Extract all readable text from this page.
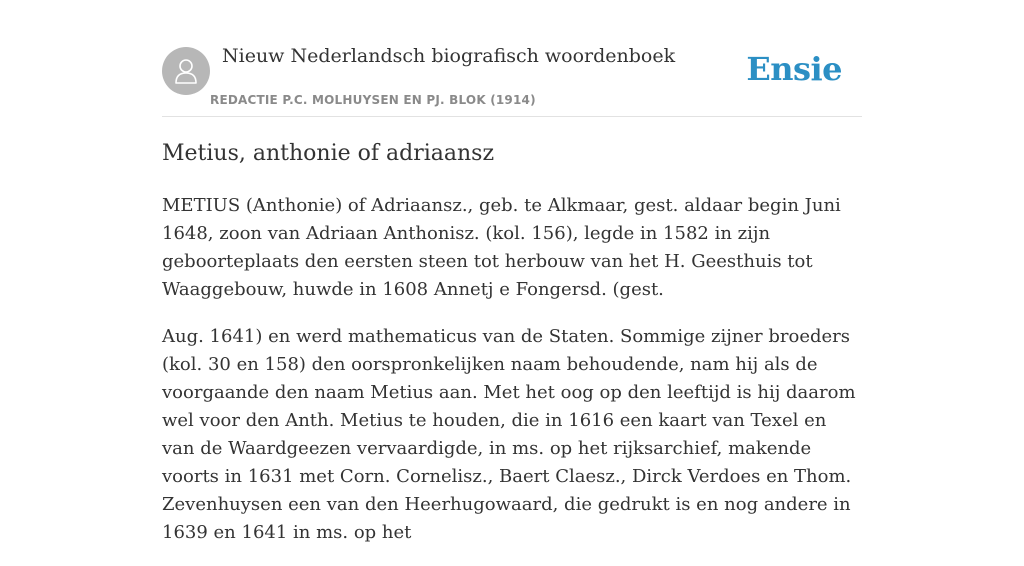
Nieuw Nederlandsch biografisch woordenboek
REDACTIE P.C. MOLHUYSEN EN PJ. BLOK (1914)
Ensie
Metius, anthonie of adriaansz

METIUS (Anthonie) of Adriaansz., geb. te Alkmaar, gest. aldaar begin Juni 1648, zoon van Adriaan Anthonisz. (kol. 156), legde in 1582 in zijn geboorteplaats den eersten steen tot herbouw van het H. Geesthuis tot Waaggebouw, huwde in 1608 Annetj e Fongersd. (gest.

Aug. 1641) en werd mathematicus van de Staten. Sommige zijner broeders (kol. 30 en 158) den oorspronkelijken naam behoudende, nam hij als de voorgaande den naam Metius aan. Met het oog op den leeftijd is hij daarom wel voor den Anth. Metius te houden, die in 1616 een kaart van Texel en van de Waardgeezen vervaardigde, in ms. op het rijksarchief, makende voorts in 1631 met Corn. Cornelisz., Baert Claesz., Dirck Verdoes en Thom. Zevenhuysen een van den Heerhugowaard, die gedrukt is en nog andere in 1639 en 1641 in ms. op het
